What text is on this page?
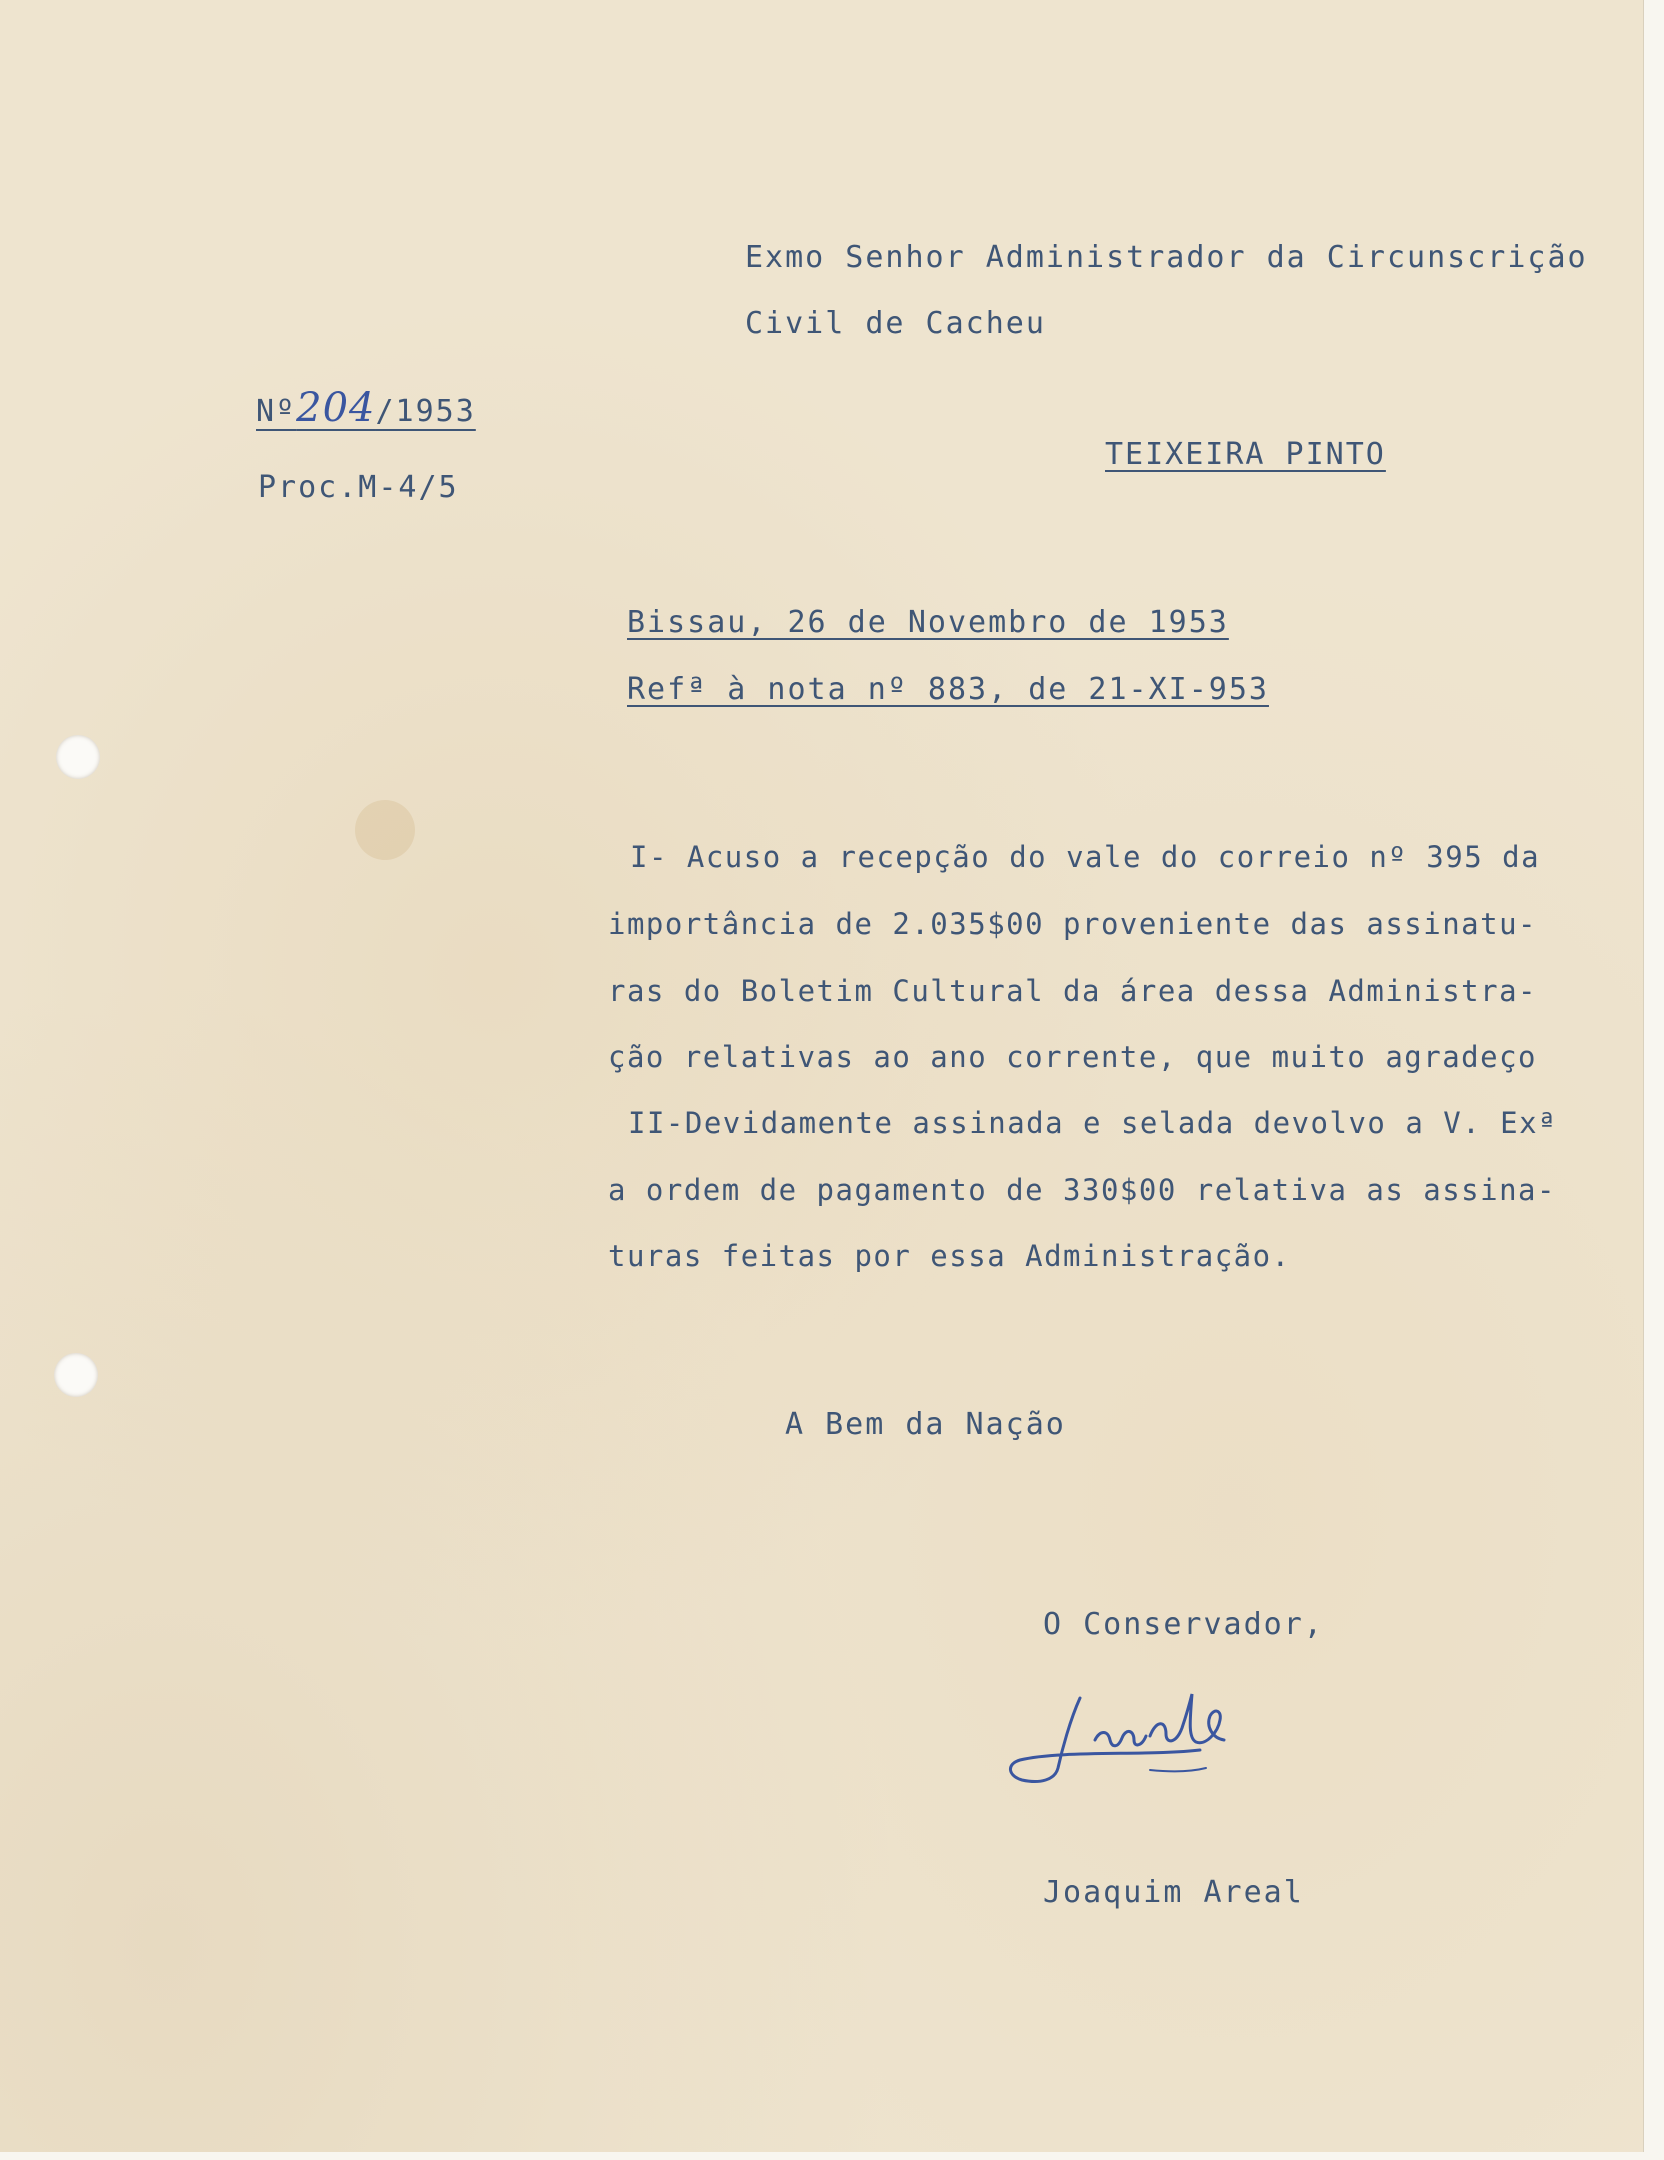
Exmo Senhor Administrador da Circunscrição
Civil de Cacheu
TEIXEIRA PINTO
Nº204/1953
Proc.M-4/5
Bissau, 26 de Novembro de 1953
Refª à nota nº 883, de 21-XI-953
I- Acuso a recepção do vale do correio nº 395 da
importância de 2.035$00 proveniente das assinatu-
ras do Boletim Cultural da área dessa Administra-
ção relativas ao ano corrente, que muito agradeço
II-Devidamente assinada e selada devolvo a V. Exª
a ordem de pagamento de 330$00 relativa as assina-
turas feitas por essa Administração.
A Bem da Nação
O Conservador,
Joaquim Areal
